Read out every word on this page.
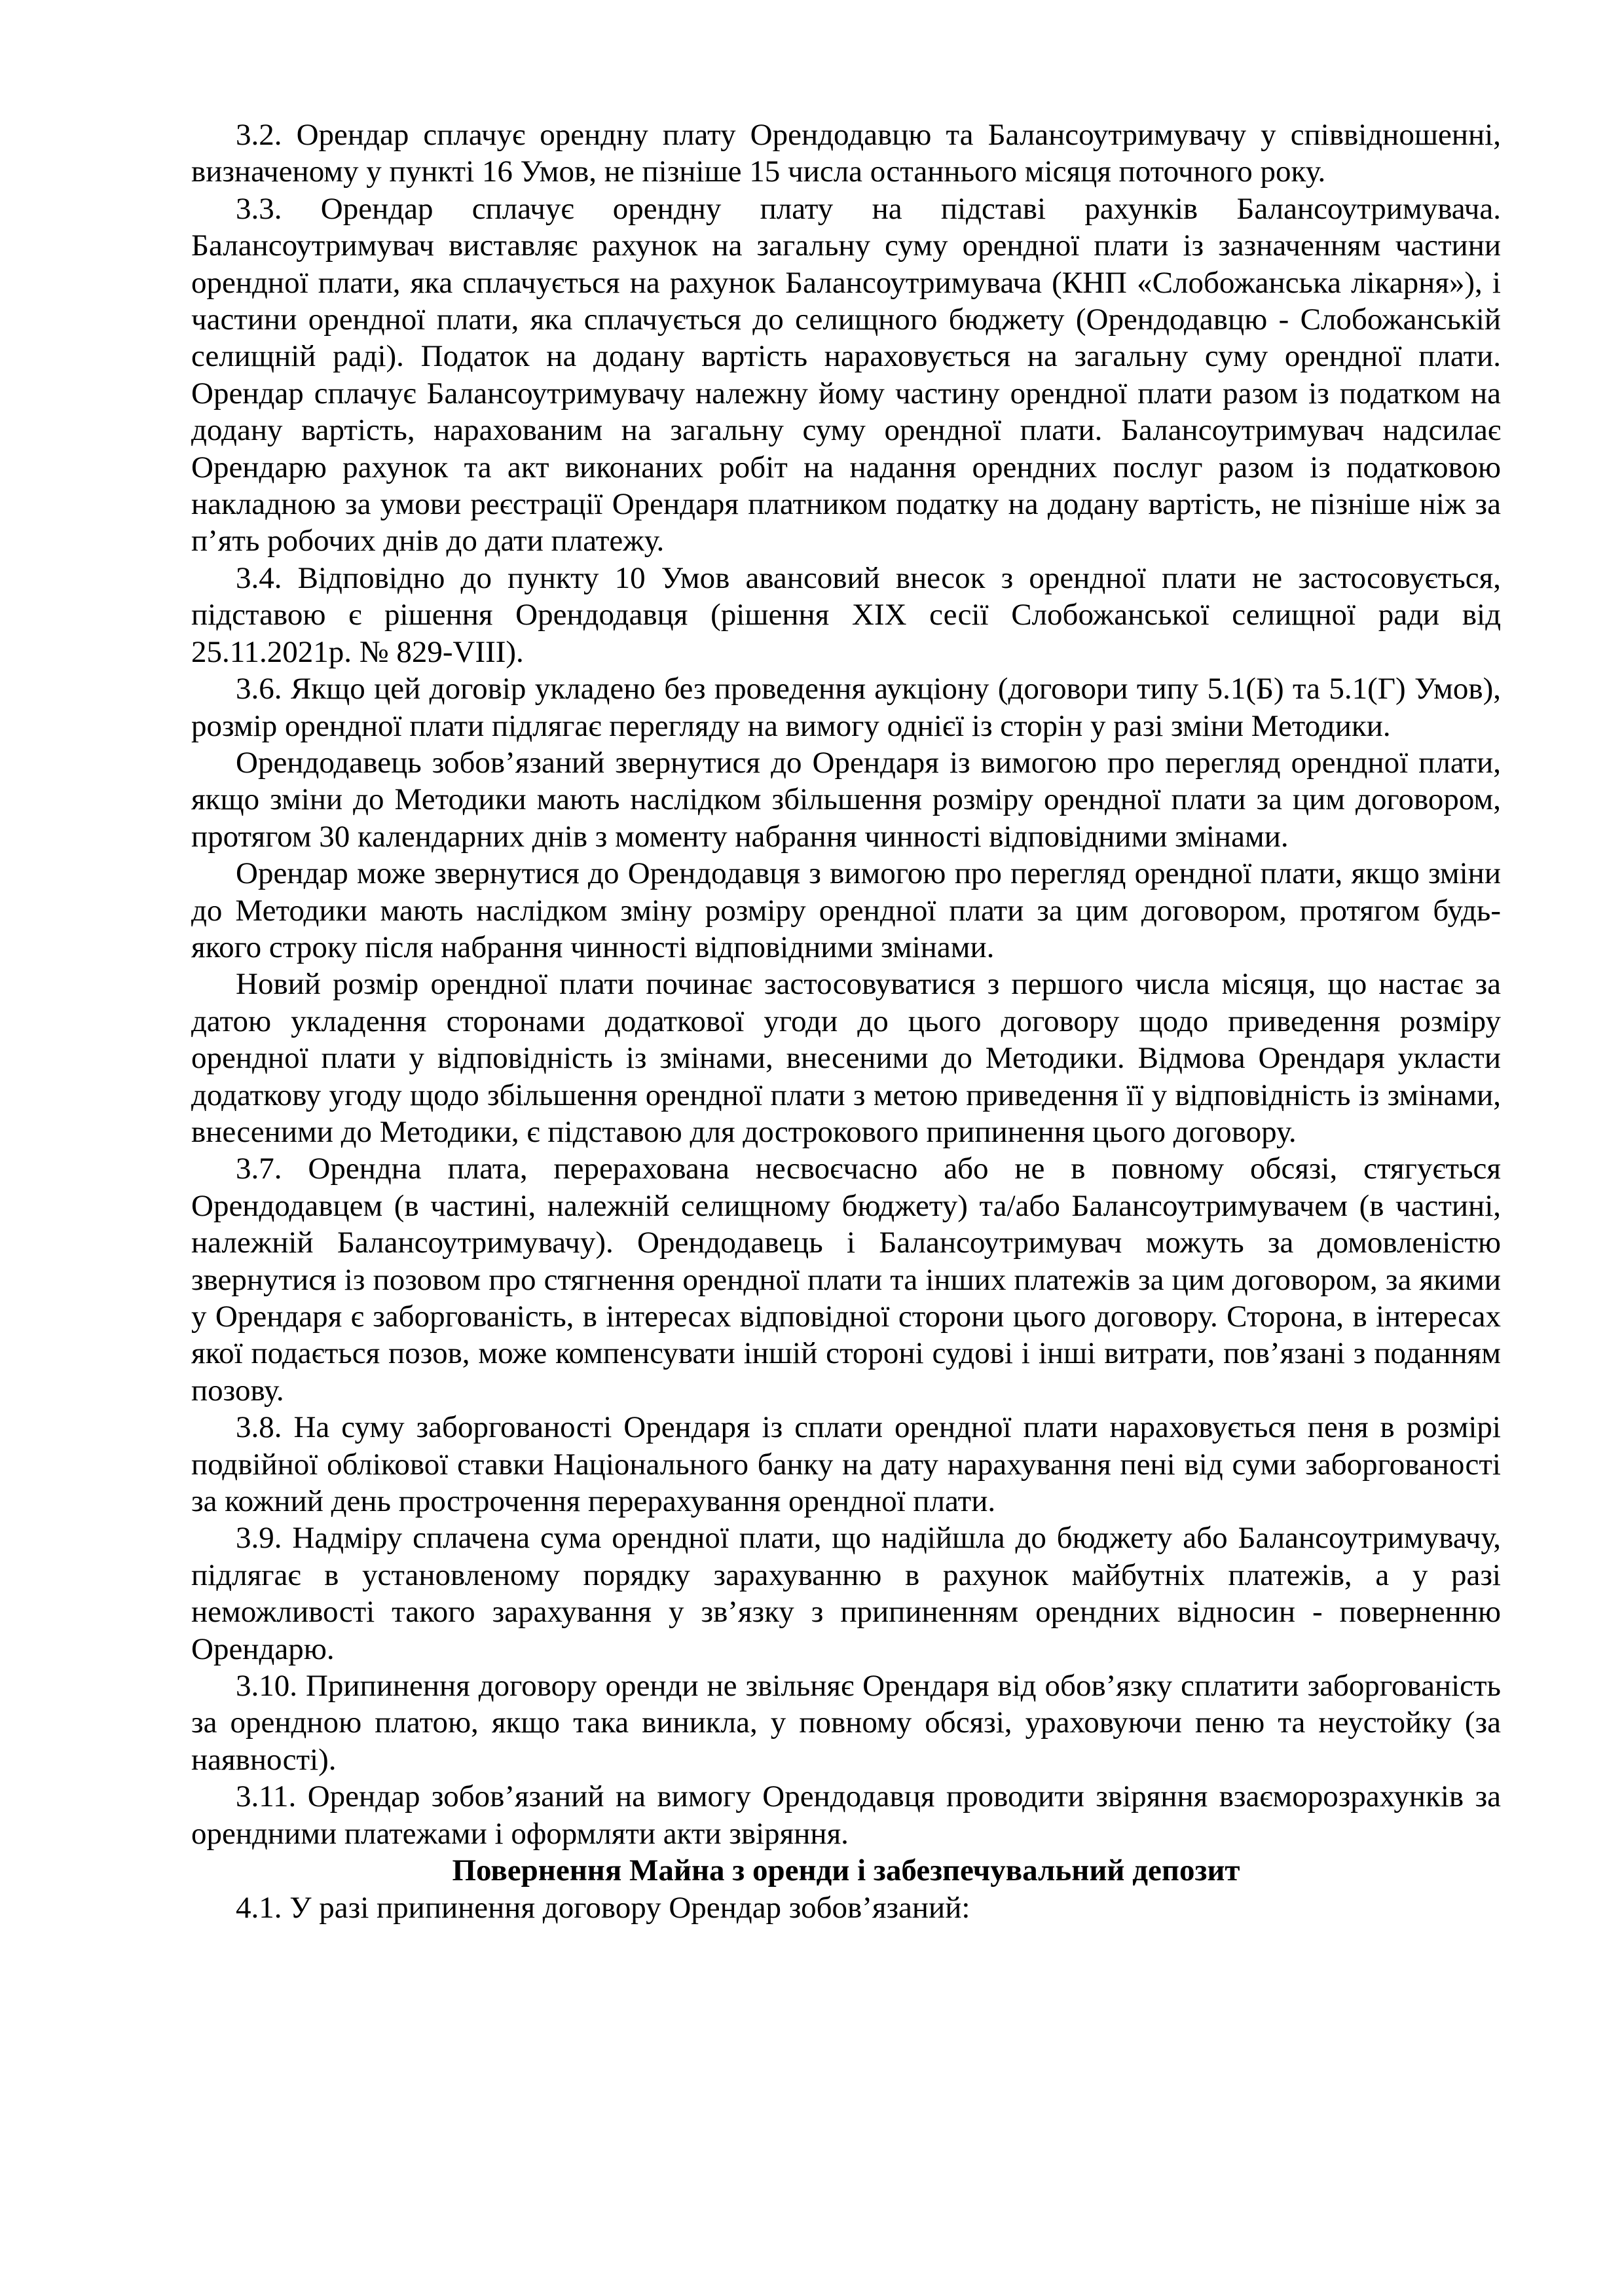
3.2. Орендар сплачує орендну плату Орендодавцю та Балансоутримувачу у співвідношенні, визначеному у пункті 16 Умов, не пізніше 15 числа останнього місяця поточного року.

3.3. Орендар сплачує орендну плату на підставі рахунків Балансоутримувача. Балансоутримувач виставляє рахунок на загальну суму орендної плати із зазначенням частини орендної плати, яка сплачується на рахунок Балансоутримувача (КНП «Слобожанська лікарня»), і частини орендної плати, яка сплачується до селищного бюджету (Орендодавцю - Слобожанській селищній раді). Податок на додану вартість нараховується на загальну суму орендної плати. Орендар сплачує Балансоутримувачу належну йому частину орендної плати разом із податком на додану вартість, нарахованим на загальну суму орендної плати. Балансоутримувач надсилає Орендарю рахунок та акт виконаних робіт на надання орендних послуг разом із податковою накладною за умови реєстрації Орендаря платником податку на додану вартість, не пізніше ніж за п’ять робочих днів до дати платежу.

3.4. Відповідно до пункту 10 Умов авансовий внесок з орендної плати не застосовується, підставою є рішення Орендодавця (рішення XIX сесії Слобожанської селищної ради від 25.11.2021р. № 829-VIII).

3.6. Якщо цей договір укладено без проведення аукціону (договори типу 5.1(Б) та 5.1(Г) Умов), розмір орендної плати підлягає перегляду на вимогу однієї із сторін у разі зміни Методики.

Орендодавець зобов’язаний звернутися до Орендаря із вимогою про перегляд орендної плати, якщо зміни до Методики мають наслідком збільшення розміру орендної плати за цим договором, протягом 30 календарних днів з моменту набрання чинності відповідними змінами.

Орендар може звернутися до Орендодавця з вимогою про перегляд орендної плати, якщо зміни до Методики мають наслідком зміну розміру орендної плати за цим договором, протягом будь-якого строку після набрання чинності відповідними змінами.

Новий розмір орендної плати починає застосовуватися з першого числа місяця, що настає за датою укладення сторонами додаткової угоди до цього договору щодо приведення розміру орендної плати у відповідність із змінами, внесеними до Методики. Відмова Орендаря укласти додаткову угоду щодо збільшення орендної плати з метою приведення її у відповідність із змінами, внесеними до Методики, є підставою для дострокового припинення цього договору.

3.7. Орендна плата, перерахована несвоєчасно або не в повному обсязі, стягується Орендодавцем (в частині, належній селищному бюджету) та/або Балансоутримувачем (в частині, належній Балансоутримувачу). Орендодавець і Балансоутримувач можуть за домовленістю звернутися із позовом про стягнення орендної плати та інших платежів за цим договором, за якими у Орендаря є заборгованість, в інтересах відповідної сторони цього договору. Сторона, в інтересах якої подається позов, може компенсувати іншій стороні судові і інші витрати, пов’язані з поданням позову.

3.8. На суму заборгованості Орендаря із сплати орендної плати нараховується пеня в розмірі подвійної облікової ставки Національного банку на дату нарахування пені від суми заборгованості за кожний день прострочення перерахування орендної плати.

3.9. Надміру сплачена сума орендної плати, що надійшла до бюджету або Балансоутримувачу, підлягає в установленому порядку зарахуванню в рахунок майбутніх платежів, а у разі неможливості такого зарахування у зв’язку з припиненням орендних відносин - поверненню Орендарю.

3.10. Припинення договору оренди не звільняє Орендаря від обов’язку сплатити заборгованість за орендною платою, якщо така виникла, у повному обсязі, ураховуючи пеню та неустойку (за наявності).

3.11. Орендар зобов’язаний на вимогу Орендодавця проводити звіряння взаєморозрахунків за орендними платежами і оформляти акти звіряння.

Повернення Майна з оренди і забезпечувальний депозит

4.1. У разі припинення договору Орендар зобов’язаний:
